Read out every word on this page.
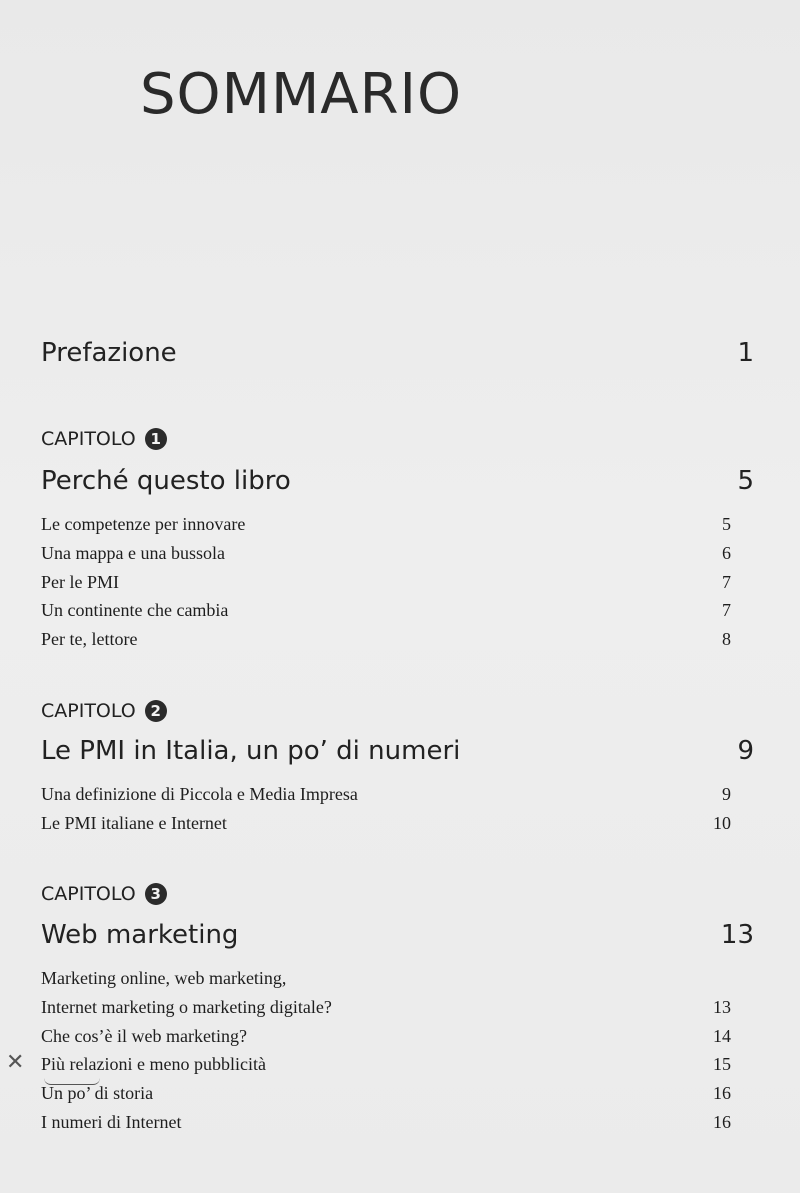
SOMMARIO
Prefazione	1
CAPITOLO 1
Perché questo libro	5
Le competenze per innovare	5
Una mappa e una bussola	6
Per le PMI	7
Un continente che cambia	7
Per te, lettore	8
CAPITOLO 2
Le PMI in Italia, un po’ di numeri	9
Una definizione di Piccola e Media Impresa	9
Le PMI italiane e Internet	10
CAPITOLO 3
Web marketing	13
Marketing online, web marketing,
Internet marketing o marketing digitale?	13
Che cos’è il web marketing?	14
Più relazioni e meno pubblicità	15
Un po’ di storia	16
I numeri di Internet	16
✕
